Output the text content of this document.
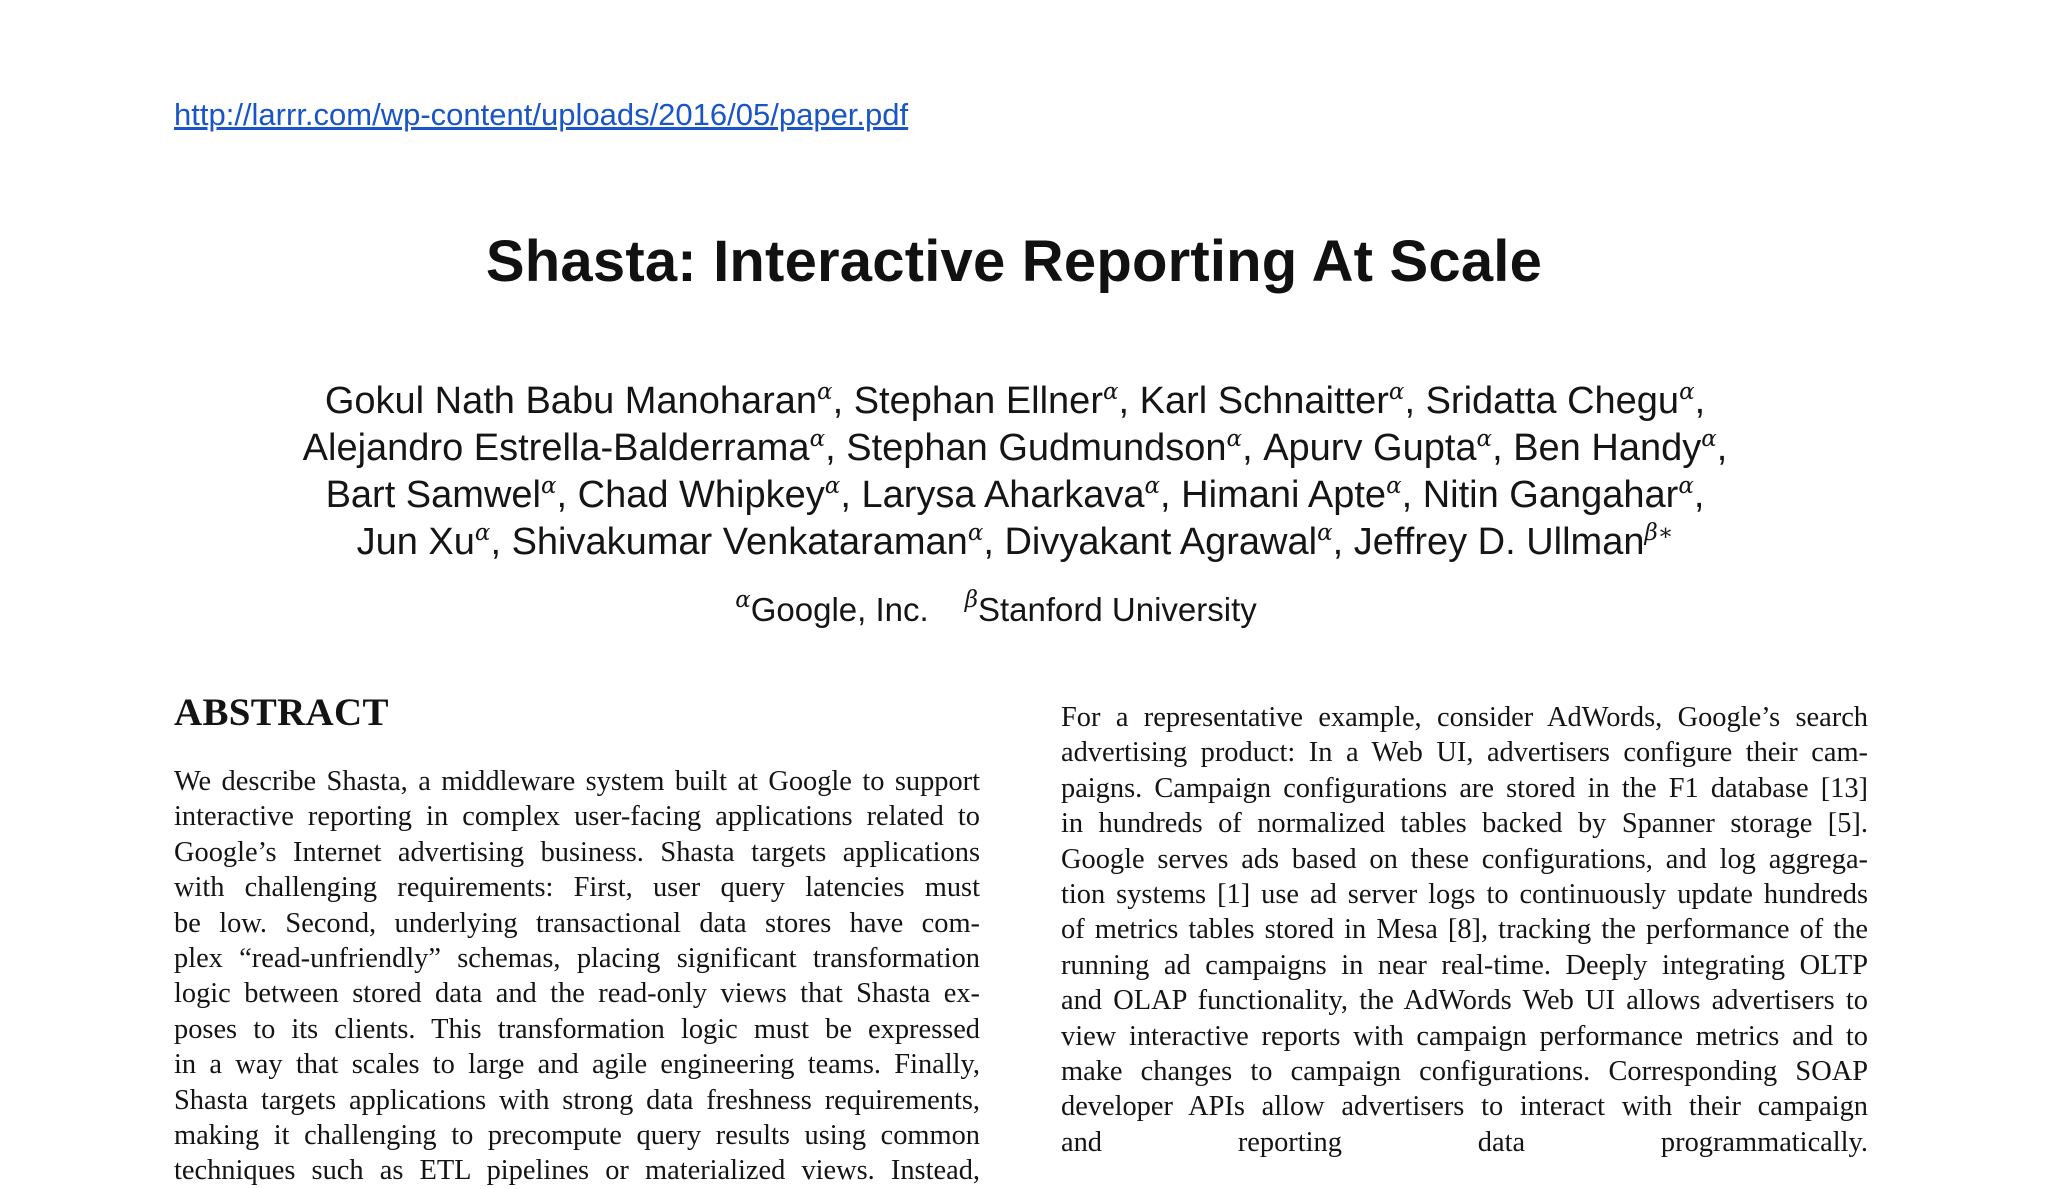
http://larrr.com/wp-content/uploads/2016/05/paper.pdf
Shasta: Interactive Reporting At Scale
Gokul Nath Babu Manoharan$^\alpha$, Stephan Ellner$^\alpha$, Karl Schnaitter$^\alpha$, Sridatta Chegu$^\alpha$,
Alejandro Estrella-Balderrama$^\alpha$, Stephan Gudmundson$^\alpha$, Apurv Gupta$^\alpha$, Ben Handy$^\alpha$,
Bart Samwel$^\alpha$, Chad Whipkey$^\alpha$, Larysa Aharkava$^\alpha$, Himani Apte$^\alpha$, Nitin Gangahar$^\alpha$,
Jun $Xu^\alpha$, Shivakumar Venkataraman$^\alpha$, Divyakant Agrawal$^\alpha$, Jeffrey D. Ullman$^{\beta∗}$
$^\alpha$Google, Inc. $^\beta$Stanford University
ABSTRACT
We describe Shasta, a middleware system built at Google to support
interactive reporting in complex user-facing applications related to
Google’s Internet advertising business. Shasta targets applications
with challenging requirements: First, user query latencies must
be low. Second, underlying transactional data stores have com-
plex “read-unfriendly” schemas, placing significant transformation
logic between stored data and the read-only views that Shasta ex-
poses to its clients. This transformation logic must be expressed
in a way that scales to large and agile engineering teams. Finally,
Shasta targets applications with strong data freshness requirements,
making it challenging to precompute query results using common
techniques such as ETL pipelines or materialized views. Instead,
For a representative example, consider AdWords, Google’s search
advertising product: In a Web UI, advertisers configure their cam-
paigns. Campaign configurations are stored in the F1 database [13]
in hundreds of normalized tables backed by Spanner storage [5].
Google serves ads based on these configurations, and log aggrega-
tion systems [1] use ad server logs to continuously update hundreds
of metrics tables stored in Mesa [8], tracking the performance of the
running ad campaigns in near real-time. Deeply integrating OLTP
and OLAP functionality, the AdWords Web UI allows advertisers to
view interactive reports with campaign performance metrics and to
make changes to campaign configurations. Corresponding SOAP
developer APIs allow advertisers to interact with their campaign
and reporting data programmatically.
